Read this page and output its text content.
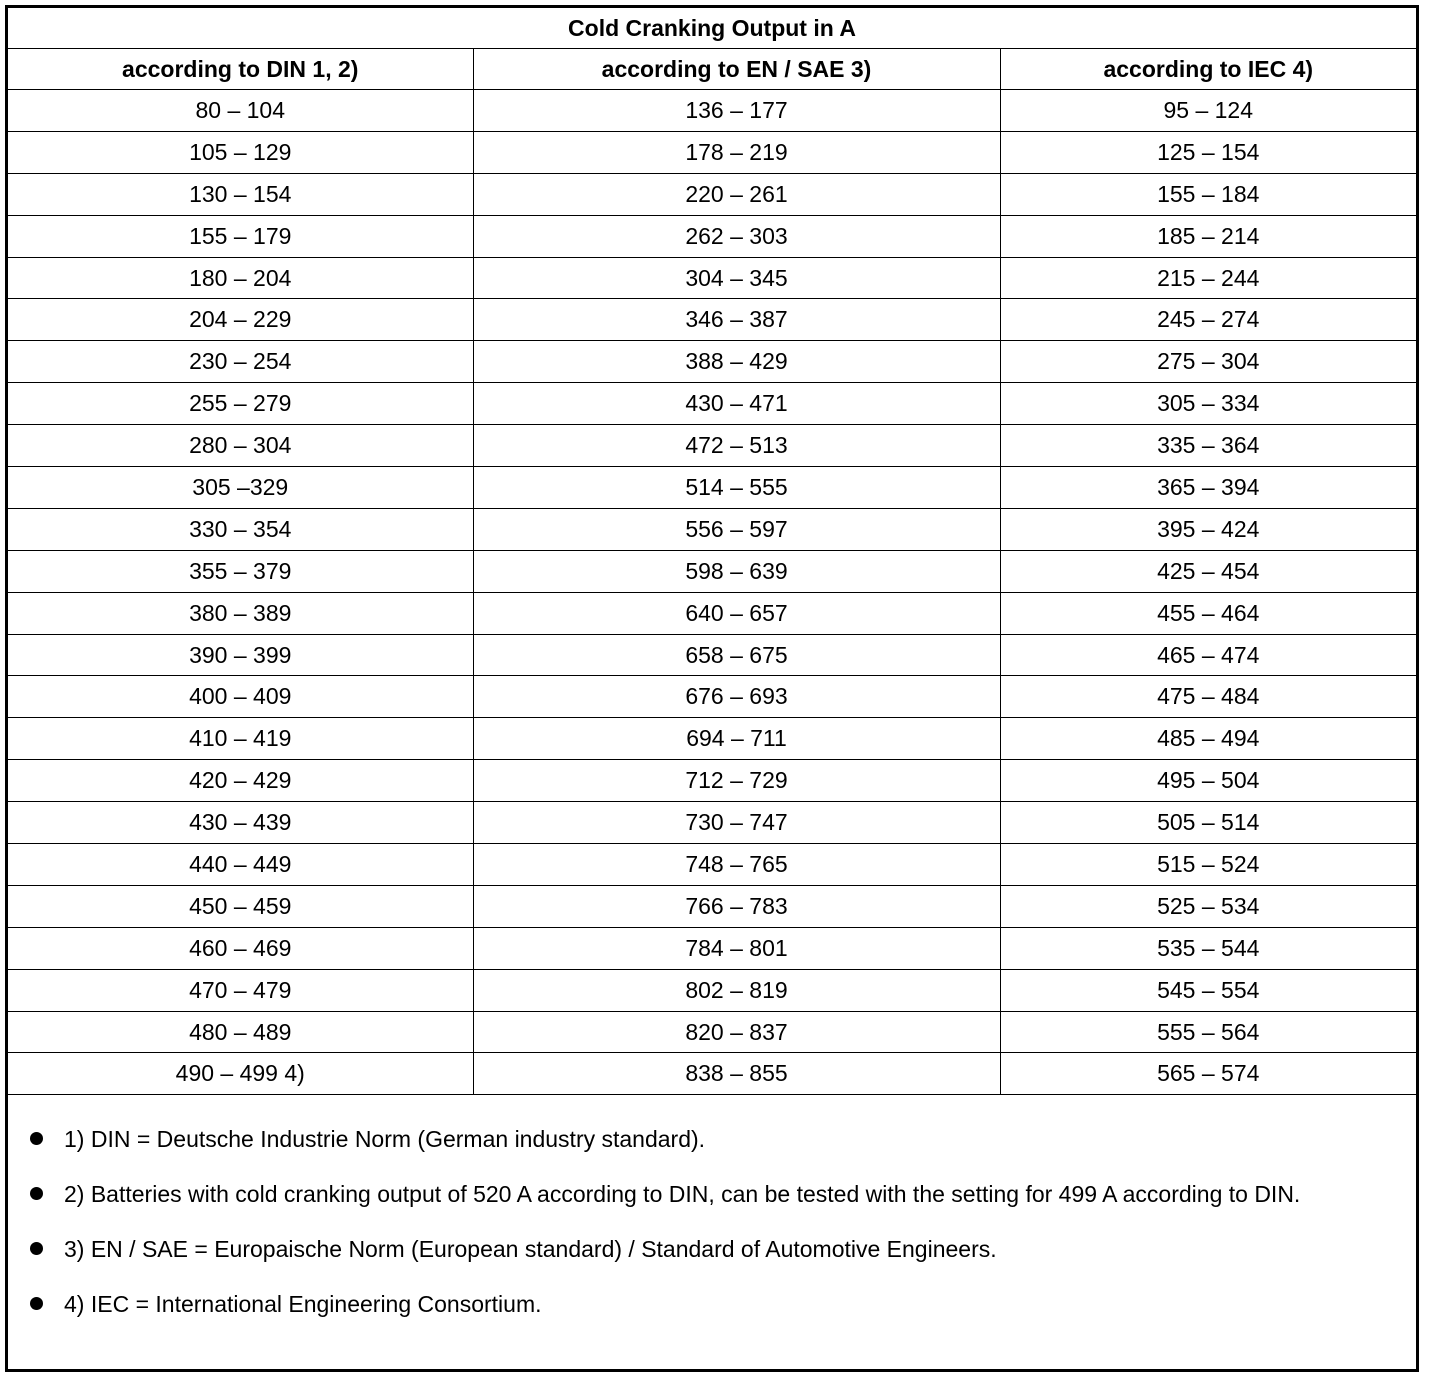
Cold Cranking Output in A		
according to DIN 1, 2)	according to EN / SAE 3)	according to IEC 4)
80 – 104	136 – 177	95 – 124
105 – 129	178 – 219	125 – 154
130 – 154	220 – 261	155 – 184
155 – 179	262 – 303	185 – 214
180 – 204	304 – 345	215 – 244
204 – 229	346 – 387	245 – 274
230 – 254	388 – 429	275 – 304
255 – 279	430 – 471	305 – 334
280 – 304	472 – 513	335 – 364
305 –329	514 – 555	365 – 394
330 – 354	556 – 597	395 – 424
355 – 379	598 – 639	425 – 454
380 – 389	640 – 657	455 – 464
390 – 399	658 – 675	465 – 474
400 – 409	676 – 693	475 – 484
410 – 419	694 – 711	485 – 494
420 – 429	712 – 729	495 – 504
430 – 439	730 – 747	505 – 514
440 – 449	748 – 765	515 – 524
450 – 459	766 – 783	525 – 534
460 – 469	784 – 801	535 – 544
470 – 479	802 – 819	545 – 554
480 – 489	820 – 837	555 – 564
490 – 499 4)	838 – 855	565 – 574
1) DIN = Deutsche Industrie Norm (German industry standard).
2) Batteries with cold cranking output of 520 A according to DIN, can be tested with the setting for 499 A according to DIN.
3) EN / SAE = Europaische Norm (European standard) / Standard of Automotive Engineers.
4) IEC = International Engineering Consortium.
